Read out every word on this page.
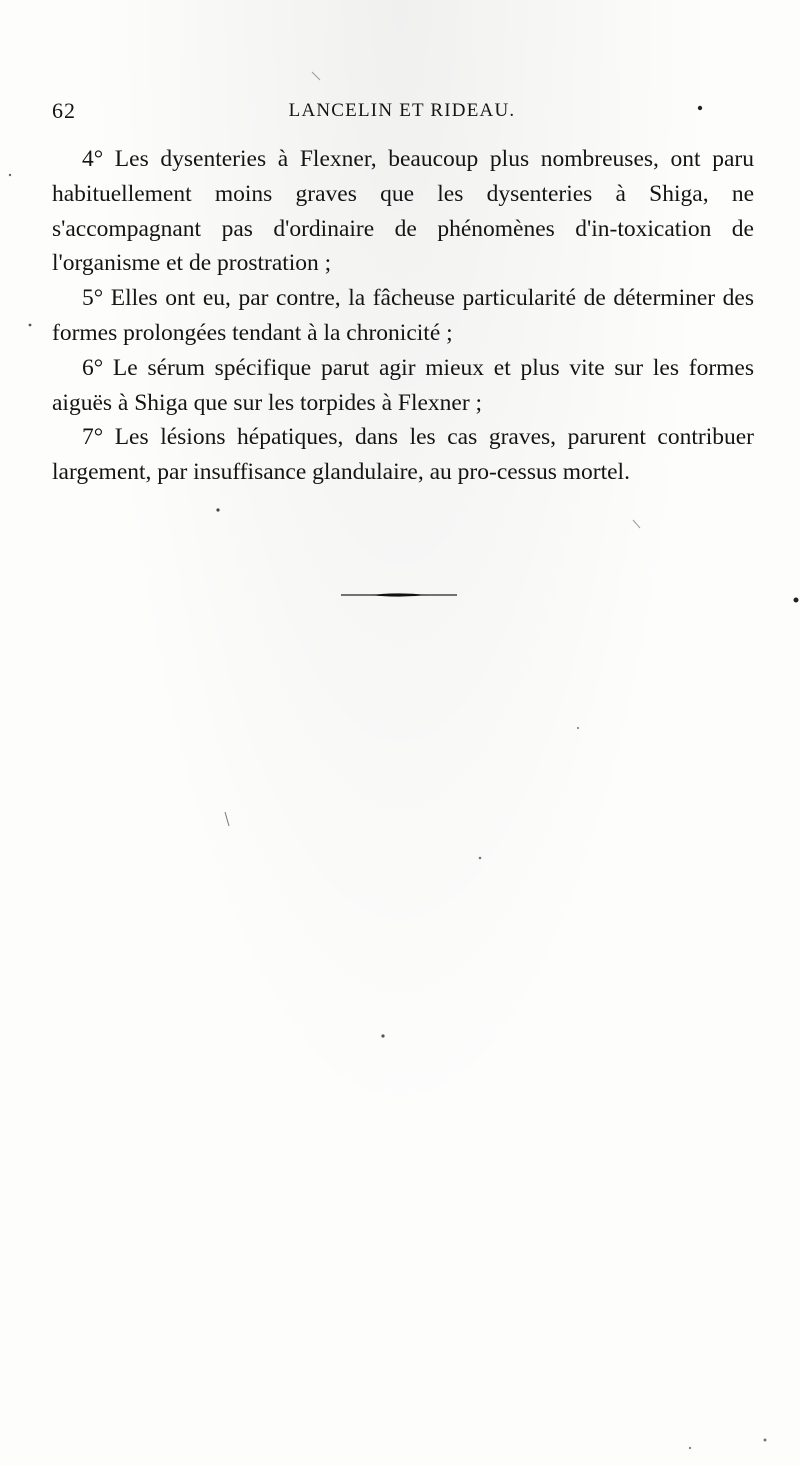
62	LANCELIN ET RIDEAU.

4° Les dysenteries à Flexner, beaucoup plus nombreuses, ont paru habituellement moins graves que les dysenteries à Shiga, ne s'accompagnant pas d'ordinaire de phénomènes d'in-toxication de l'organisme et de prostration ;

5° Elles ont eu, par contre, la fâcheuse particularité de déterminer des formes prolongées tendant à la chronicité ;

6° Le sérum spécifique parut agir mieux et plus vite sur les formes aiguës à Shiga que sur les torpides à Flexner ;

7° Les lésions hépatiques, dans les cas graves, parurent contribuer largement, par insuffisance glandulaire, au pro-cessus mortel.
